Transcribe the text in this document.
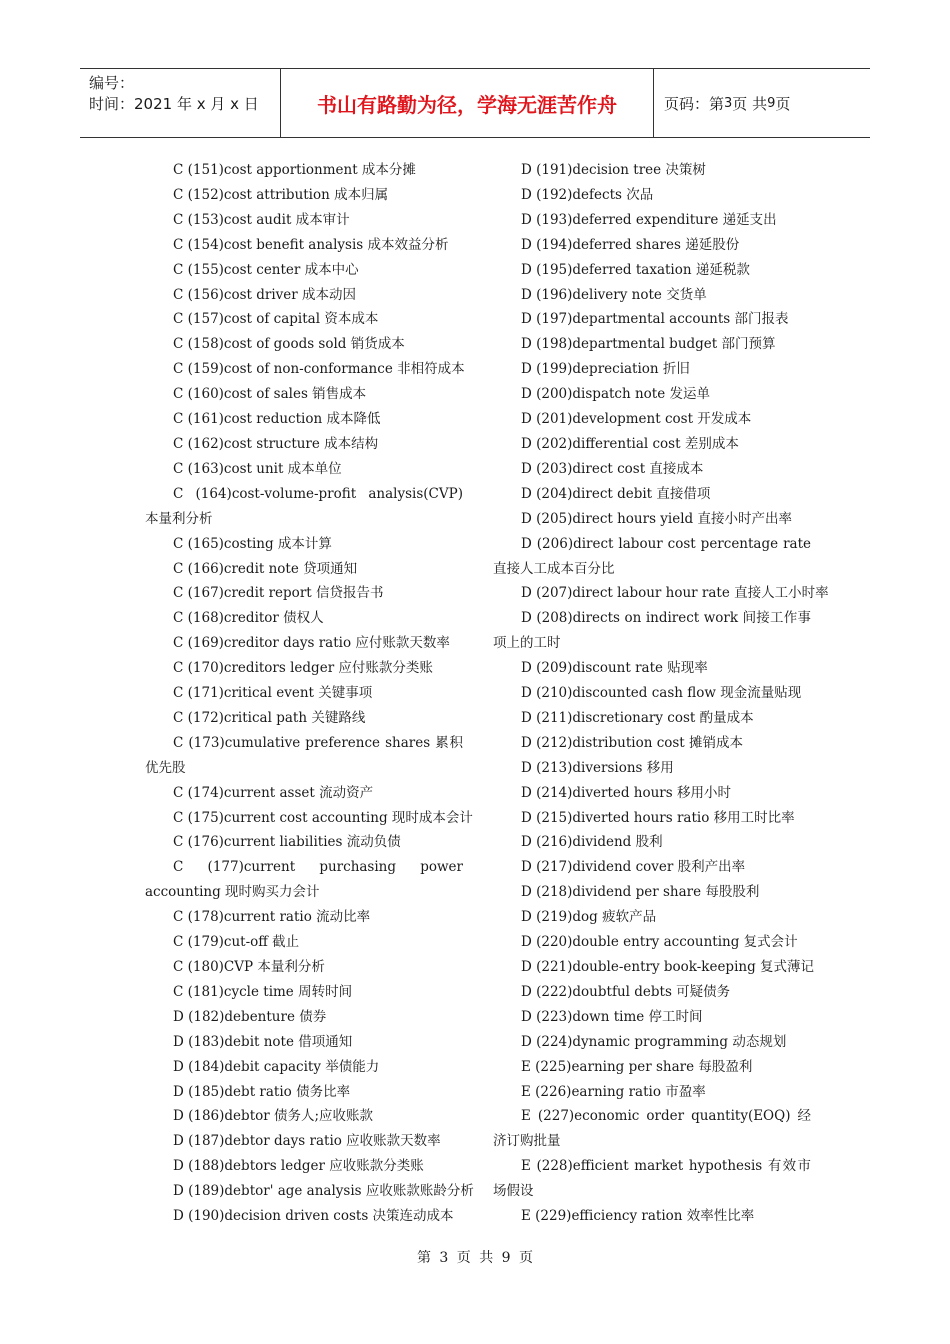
编号：
时间：2021 年 x 月 x 日	书山有路勤为径，学海无涯苦作舟	页码：第 3 页 共 9 页
C (151)cost apportionment 成本分摊
C (152)cost attribution 成本归属
C (153)cost audit 成本审计
C (154)cost benefit analysis 成本效益分析
C (155)cost center 成本中心
C (156)cost driver 成本动因
C (157)cost of capital 资本成本
C (158)cost of goods sold 销货成本
C (159)cost of non-conformance 非相符成本
C (160)cost of sales 销售成本
C (161)cost reduction 成本降低
C (162)cost structure 成本结构
C (163)cost unit 成本单位
C (164)cost-volume-profit analysis(CVP) 本量利分析
C (165)costing 成本计算
C (166)credit note 贷项通知
C (167)credit report 信贷报告书
C (168)creditor 债权人
C (169)creditor days ratio 应付账款天数率
C (170)creditors ledger 应付账款分类账
C (171)critical event 关键事项
C (172)critical path 关键路线
C (173)cumulative preference shares 累积优先股
C (174)current asset 流动资产
C (175)current cost accounting 现时成本会计
C (176)current liabilities 流动负债
C (177)current purchasing power accounting 现时购买力会计
C (178)current ratio 流动比率
C (179)cut-off 截止
C (180)CVP 本量利分析
C (181)cycle time 周转时间
D (182)debenture 债券
D (183)debit note 借项通知
D (184)debit capacity 举债能力
D (185)debt ratio 债务比率
D (186)debtor 债务人;应收账款
D (187)debtor days ratio 应收账款天数率
D (188)debtors ledger 应收账款分类账
D (189)debtor' age analysis 应收账款账龄分析
D (190)decision driven costs 决策连动成本
D (191)decision tree 决策树
D (192)defects 次品
D (193)deferred expenditure 递延支出
D (194)deferred shares 递延股份
D (195)deferred taxation 递延税款
D (196)delivery note 交货单
D (197)departmental accounts 部门报表
D (198)departmental budget 部门预算
D (199)depreciation 折旧
D (200)dispatch note 发运单
D (201)development cost 开发成本
D (202)differential cost 差别成本
D (203)direct cost 直接成本
D (204)direct debit 直接借项
D (205)direct hours yield 直接小时产出率
D (206)direct labour cost percentage rate 直接人工成本百分比
D (207)direct labour hour rate 直接人工小时率
D (208)directs on indirect work 间接工作事项上的工时
D (209)discount rate 贴现率
D (210)discounted cash flow 现金流量贴现
D (211)discretionary cost 酌量成本
D (212)distribution cost 摊销成本
D (213)diversions 移用
D (214)diverted hours 移用小时
D (215)diverted hours ratio 移用工时比率
D (216)dividend 股利
D (217)dividend cover 股利产出率
D (218)dividend per share 每股股利
D (219)dog 疲软产品
D (220)double entry accounting 复式会计
D (221)double-entry book-keeping 复式薄记
D (222)doubtful debts 可疑债务
D (223)down time 停工时间
D (224)dynamic programming 动态规划
E (225)earning per share 每股盈利
E (226)earning ratio 市盈率
E (227)economic order quantity(EOQ) 经济订购批量
E (228)efficient market hypothesis 有效市场假设
E (229)efficiency ration 效率性比率
第 3 页 共 9 页
